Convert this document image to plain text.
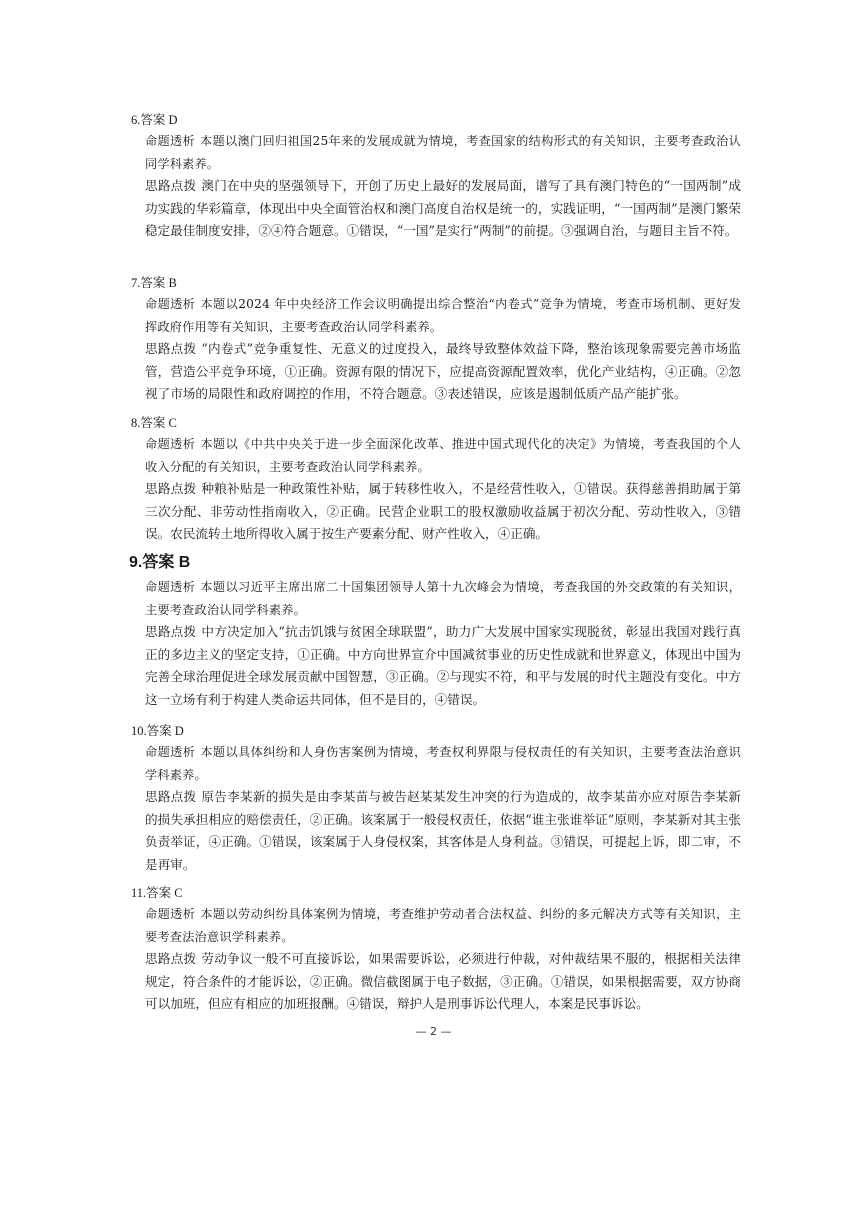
6.答案 D
命题透析 本题以澳门回归祖国25年来的发展成就为情境，考查国家的结构形式的有关知识，主要考查政治认同学科素养。
思路点拨 澳门在中央的坚强领导下，开创了历史上最好的发展局面，谱写了具有澳门特色的“一国两制”成功实践的华彩篇章，体现出中央全面管治权和澳门高度自治权是统一的，实践证明，“一国两制”是澳门繁荣稳定最佳制度安排，②④符合题意。①错误，“一国”是实行“两制”的前提。③强调自治，与题目主旨不符。
7.答案 B
命题透析 本题以2024 年中央经济工作会议明确提出综合整治“内卷式”竞争为情境，考查市场机制、更好发挥政府作用等有关知识，主要考查政治认同学科素养。
思路点拨 “内卷式”竞争重复性、无意义的过度投入，最终导致整体效益下降，整治该现象需要完善市场监管，营造公平竞争环境，①正确。资源有限的情况下，应提高资源配置效率，优化产业结构，④正确。②忽视了市场的局限性和政府调控的作用，不符合题意。③表述错误，应该是遏制低质产品产能扩张。
8.答案 C
命题透析 本题以《中共中央关于进一步全面深化改革、推进中国式现代化的决定》为情境，考查我国的个人收入分配的有关知识，主要考查政治认同学科素养。
思路点拨 种粮补贴是一种政策性补贴，属于转移性收入，不是经营性收入，①错误。获得慈善捐助属于第三次分配、非劳动性指南收入，②正确。民营企业职工的股权激励收益属于初次分配、劳动性收入，③错误。农民流转土地所得收入属于按生产要素分配、财产性收入，④正确。
9.答案 B
命题透析 本题以习近平主席出席二十国集团领导人第十九次峰会为情境，考查我国的外交政策的有关知识，主要考查政治认同学科素养。
思路点拨 中方决定加入“抗击饥饿与贫困全球联盟”，助力广大发展中国家实现脱贫，彰显出我国对践行真正的多边主义的坚定支持，①正确。中方向世界宣介中国减贫事业的历史性成就和世界意义，体现出中国为完善全球治理促进全球发展贡献中国智慧，③正确。②与现实不符，和平与发展的时代主题没有变化。中方这一立场有利于构建人类命运共同体，但不是目的，④错误。
10.答案 D
命题透析 本题以具体纠纷和人身伤害案例为情境，考查权利界限与侵权责任的有关知识，主要考查法治意识学科素养。
思路点拨 原告李某新的损失是由李某苗与被告赵某某发生冲突的行为造成的，故李某苗亦应对原告李某新的损失承担相应的赔偿责任，②正确。该案属于一般侵权责任，依据“谁主张谁举证”原则，李某新对其主张负责举证，④正确。①错误，该案属于人身侵权案，其客体是人身利益。③错误，可提起上诉，即二审，不是再审。
11.答案 C
命题透析 本题以劳动纠纷具体案例为情境，考查维护劳动者合法权益、纠纷的多元解决方式等有关知识，主要考查法治意识学科素养。
思路点拨 劳动争议一般不可直接诉讼，如果需要诉讼，必须进行仲裁，对仲裁结果不服的，根据相关法律规定，符合条件的才能诉讼，②正确。微信截图属于电子数据，③正确。①错误，如果根据需要，双方协商可以加班，但应有相应的加班报酬。④错误，辩护人是刑事诉讼代理人，本案是民事诉讼。
— 2 —
